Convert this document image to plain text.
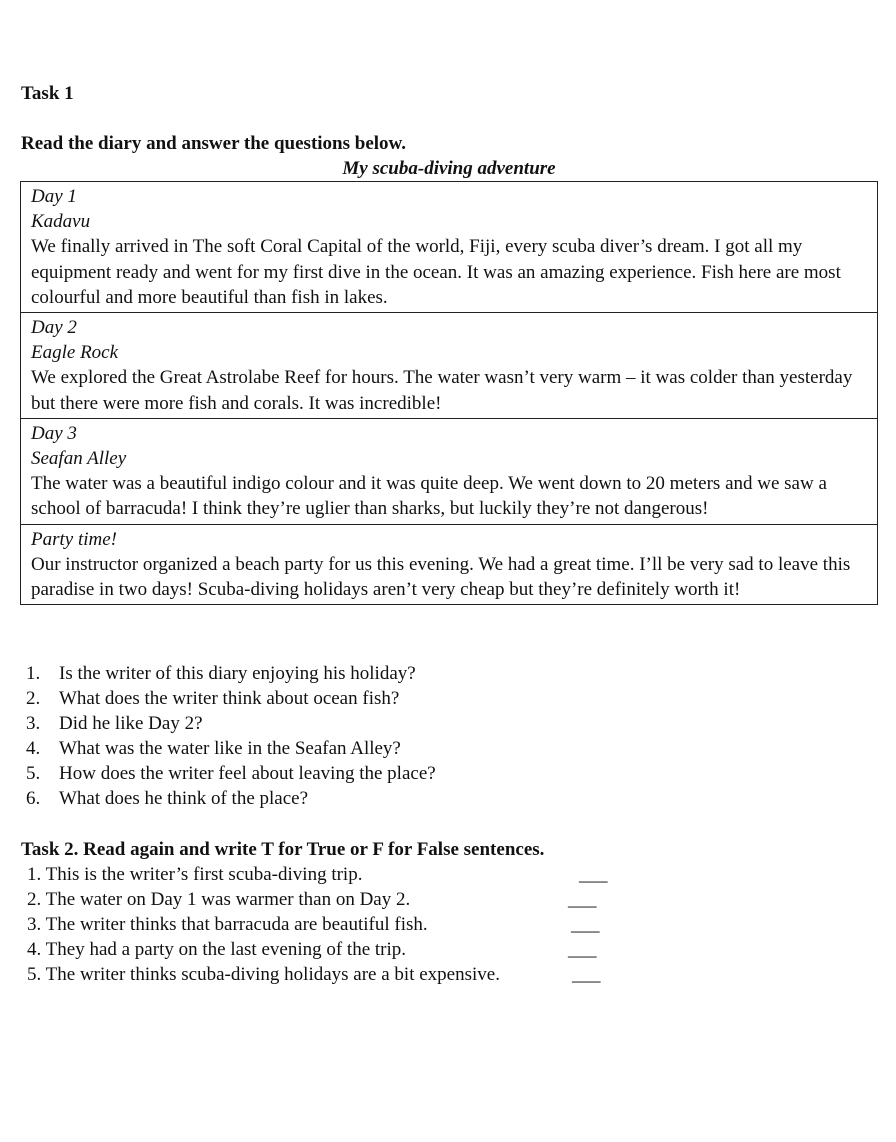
Task 1

Read the diary and answer the questions below.

My scuba-diving adventure

Day 1
Kadavu
We finally arrived in The soft Coral Capital of the world, Fiji, every scuba diver’s dream. I got all my equipment ready and went for my first dive in the ocean. It was an amazing experience. Fish here are most colourful and more beautiful than fish in lakes.
Day 2
Eagle Rock
We explored the Great Astrolabe Reef for hours. The water wasn’t very warm – it was colder than yesterday but there were more fish and corals. It was incredible!
Day 3
Seafan Alley
The water was a beautiful indigo colour and it was quite deep. We went down to 20 meters and we saw a school of barracuda! I think they’re uglier than sharks, but luckily they’re not dangerous!
Party time!
Our instructor organized a beach party for us this evening. We had a great time. I’ll be very sad to leave this paradise in two days! Scuba-diving holidays aren’t very cheap but they’re definitely worth it!
1. Is the writer of this diary enjoying his holiday?
2. What does the writer think about ocean fish?
3. Did he like Day 2?
4. What was the water like in the Seafan Alley?
5. How does the writer feel about leaving the place?
6. What does he think of the place?

Task 2. Read again and write T for True or F for False sentences.

1. This is the writer’s first scuba-diving trip.	___
2. The water on Day 1 was warmer than on Day 2.	___
3. The writer thinks that barracuda are beautiful fish.	___
4. They had a party on the last evening of the trip.	___
5. The writer thinks scuba-diving holidays are a bit expensive.	___
